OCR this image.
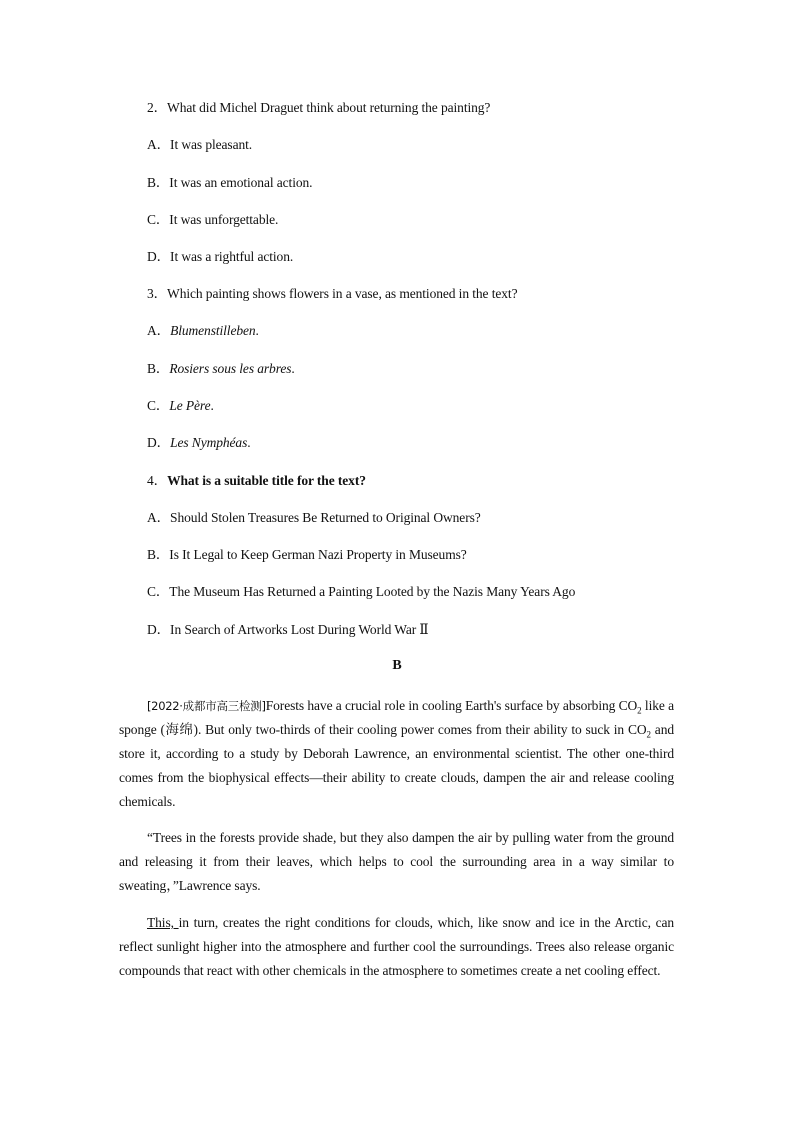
2．What did Michel Draguet think about returning the painting?
A．It was pleasant.
B．It was an emotional action.
C．It was unforgettable.
D．It was a rightful action.
3．Which painting shows flowers in a vase, as mentioned in the text?
A．Blumenstilleben.
B．Rosiers sous les arbres.
C．Le Père.
D．Les Nymphéas.
4．What is a suitable title for the text?
A．Should Stolen Treasures Be Returned to Original Owners?
B．Is It Legal to Keep German Nazi Property in Museums?
C．The Museum Has Returned a Painting Looted by the Nazis Many Years Ago
D．In Search of Artworks Lost During World War Ⅱ
B
[2022·成都市高三检测]Forests have a crucial role in cooling Earth's surface by absorbing $CO_2$ like a sponge (海绵). But only two-thirds of their cooling power comes from their ability to suck in $CO_2$ and store it, according to a study by Deborah Lawrence, an environmental scientist. The other one-third comes from the biophysical effects—their ability to create clouds, dampen the air and release cooling chemicals.
“Trees in the forests provide shade, but they also dampen the air by pulling water from the ground and releasing it from their leaves, which helps to cool the surrounding area in a way similar to sweating，”Lawrence says.
This, in turn, creates the right conditions for clouds, which, like snow and ice in the Arctic, can reflect sunlight higher into the atmosphere and further cool the surroundings. Trees also release organic compounds that react with other chemicals in the atmosphere to sometimes create a net cooling effect.
